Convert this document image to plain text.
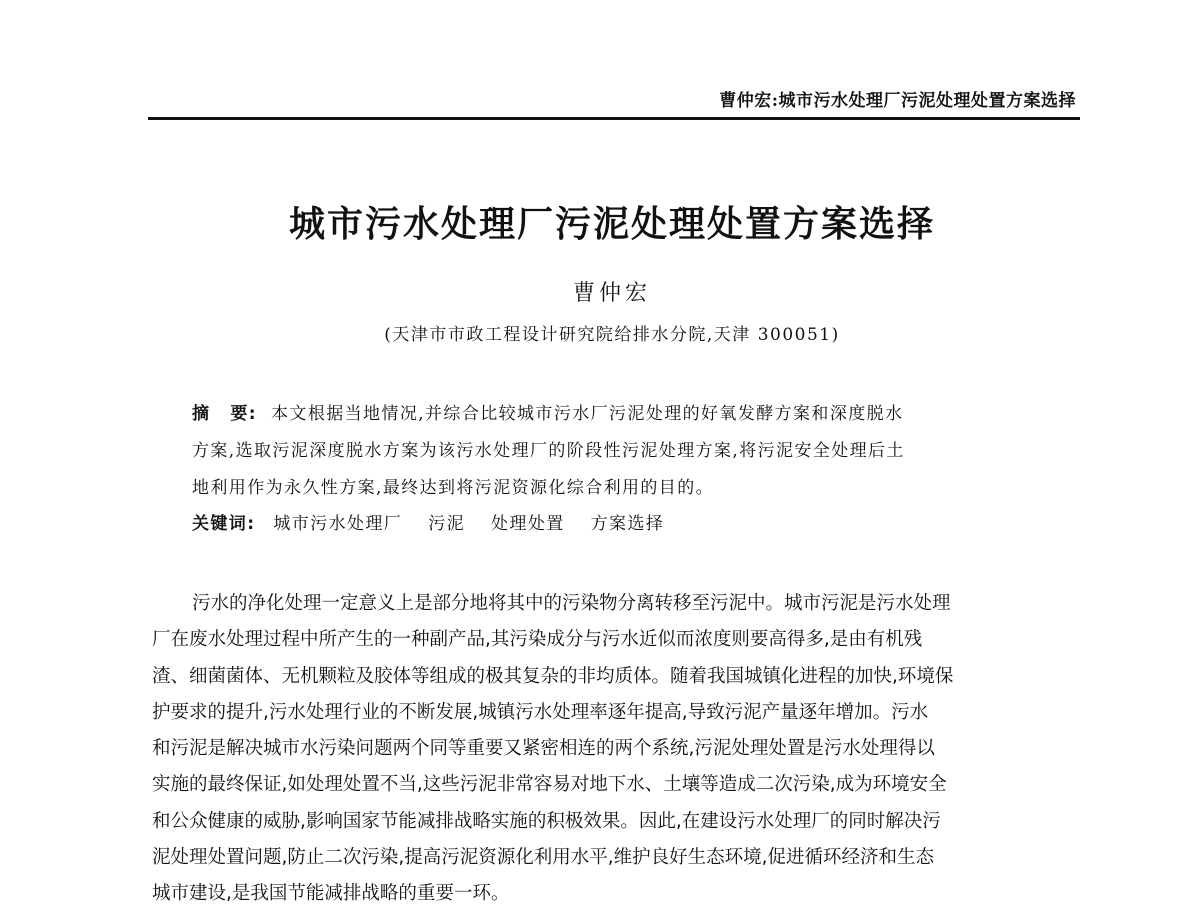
曹仲宏:城市污水处理厂污泥处理处置方案选择
城市污水处理厂污泥处理处置方案选择
曹仲宏
(天津市市政工程设计研究院给排水分院,天津 300051)
摘 要: 本文根据当地情况,并综合比较城市污水厂污泥处理的好氧发酵方案和深度脱水
方案,选取污泥深度脱水方案为该污水处理厂的阶段性污泥处理方案,将污泥安全处理后土
地利用作为永久性方案,最终达到将污泥资源化综合利用的目的。
关键词: 城市污水处理厂 污泥 处理处置 方案选择
污水的净化处理一定意义上是部分地将其中的污染物分离转移至污泥中。城市污泥是污水处理
厂在废水处理过程中所产生的一种副产品,其污染成分与污水近似而浓度则要高得多,是由有机残
渣、细菌菌体、无机颗粒及胶体等组成的极其复杂的非均质体。随着我国城镇化进程的加快,环境保
护要求的提升,污水处理行业的不断发展,城镇污水处理率逐年提高,导致污泥产量逐年增加。污水
和污泥是解决城市水污染问题两个同等重要又紧密相连的两个系统,污泥处理处置是污水处理得以
实施的最终保证,如处理处置不当,这些污泥非常容易对地下水、土壤等造成二次污染,成为环境安全
和公众健康的威胁,影响国家节能减排战略实施的积极效果。因此,在建设污水处理厂的同时解决污
泥处理处置问题,防止二次污染,提高污泥资源化利用水平,维护良好生态环境,促进循环经济和生态
城市建设,是我国节能减排战略的重要一环。
